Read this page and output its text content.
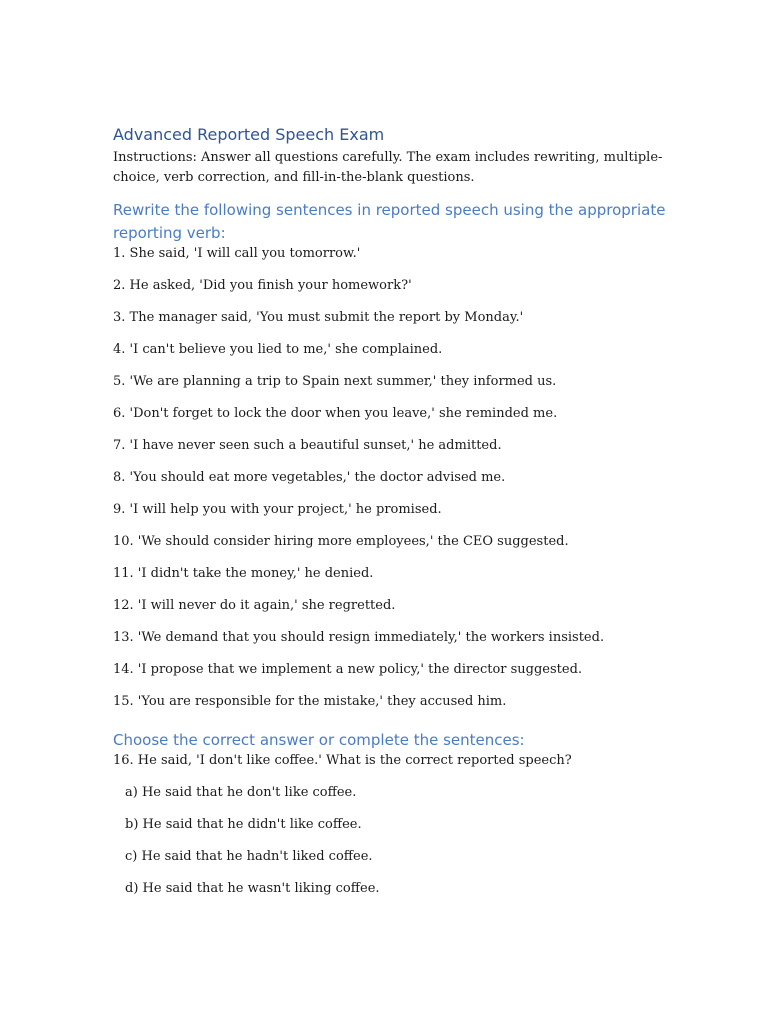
Advanced Reported Speech Exam

Instructions: Answer all questions carefully. The exam includes rewriting, multiple-choice, verb correction, and fill-in-the-blank questions.

Rewrite the following sentences in reported speech using the appropriate reporting verb:
1. She said, 'I will call you tomorrow.'
2. He asked, 'Did you finish your homework?'
3. The manager said, 'You must submit the report by Monday.'
4. 'I can't believe you lied to me,' she complained.
5. 'We are planning a trip to Spain next summer,' they informed us.
6. 'Don't forget to lock the door when you leave,' she reminded me.
7. 'I have never seen such a beautiful sunset,' he admitted.
8. 'You should eat more vegetables,' the doctor advised me.
9. 'I will help you with your project,' he promised.
10. 'We should consider hiring more employees,' the CEO suggested.
11. 'I didn't take the money,' he denied.
12. 'I will never do it again,' she regretted.
13. 'We demand that you should resign immediately,' the workers insisted.
14. 'I propose that we implement a new policy,' the director suggested.
15. 'You are responsible for the mistake,' they accused him.
Choose the correct answer or complete the sentences:
16. He said, 'I don't like coffee.' What is the correct reported speech?
a) He said that he don't like coffee.
b) He said that he didn't like coffee.
c) He said that he hadn't liked coffee.
d) He said that he wasn't liking coffee.
